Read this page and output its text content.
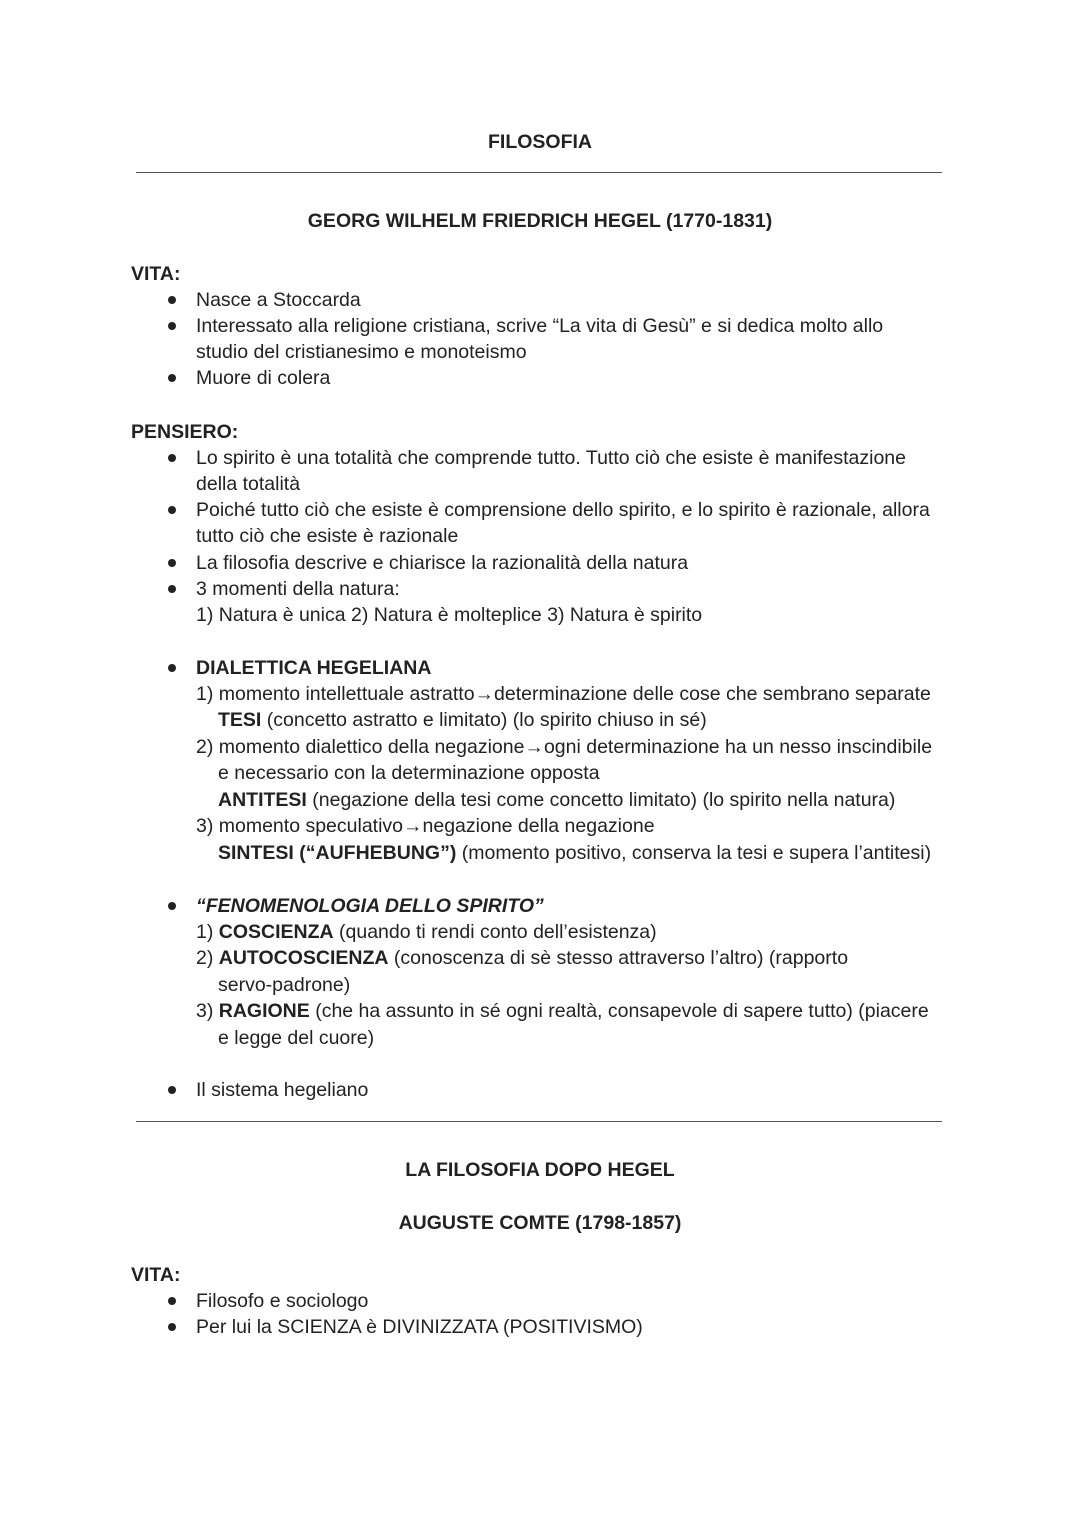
FILOSOFIA
GEORG WILHELM FRIEDRICH HEGEL (1770-1831)
VITA:
Nasce a Stoccarda
Interessato alla religione cristiana, scrive “La vita di Gesù” e si dedica molto allo
studio del cristianesimo e monoteismo
Muore di colera
PENSIERO:
Lo spirito è una totalità che comprende tutto. Tutto ciò che esiste è manifestazione
della totalità
Poiché tutto ciò che esiste è comprensione dello spirito, e lo spirito è razionale, allora
tutto ciò che esiste è razionale
La filosofia descrive e chiarisce la razionalità della natura
3 momenti della natura:
1) Natura è unica 2) Natura è molteplice 3) Natura è spirito
DIALETTICA HEGELIANA
1) momento intellettuale astratto→determinazione delle cose che sembrano separate
TESI (concetto astratto e limitato) (lo spirito chiuso in sé)
2) momento dialettico della negazione→ogni determinazione ha un nesso inscindibile
e necessario con la determinazione opposta
ANTITESI (negazione della tesi come concetto limitato) (lo spirito nella natura)
3) momento speculativo→negazione della negazione
SINTESI (“AUFHEBUNG”) (momento positivo, conserva la tesi e supera l’antitesi)
“FENOMENOLOGIA DELLO SPIRITO”
1) COSCIENZA (quando ti rendi conto dell’esistenza)
2) AUTOCOSCIENZA (conoscenza di sè stesso attraverso l’altro) (rapporto
servo-padrone)
3) RAGIONE (che ha assunto in sé ogni realtà, consapevole di sapere tutto) (piacere
e legge del cuore)
Il sistema hegeliano
LA FILOSOFIA DOPO HEGEL
AUGUSTE COMTE (1798-1857)
VITA:
Filosofo e sociologo
Per lui la SCIENZA è DIVINIZZATA (POSITIVISMO)
